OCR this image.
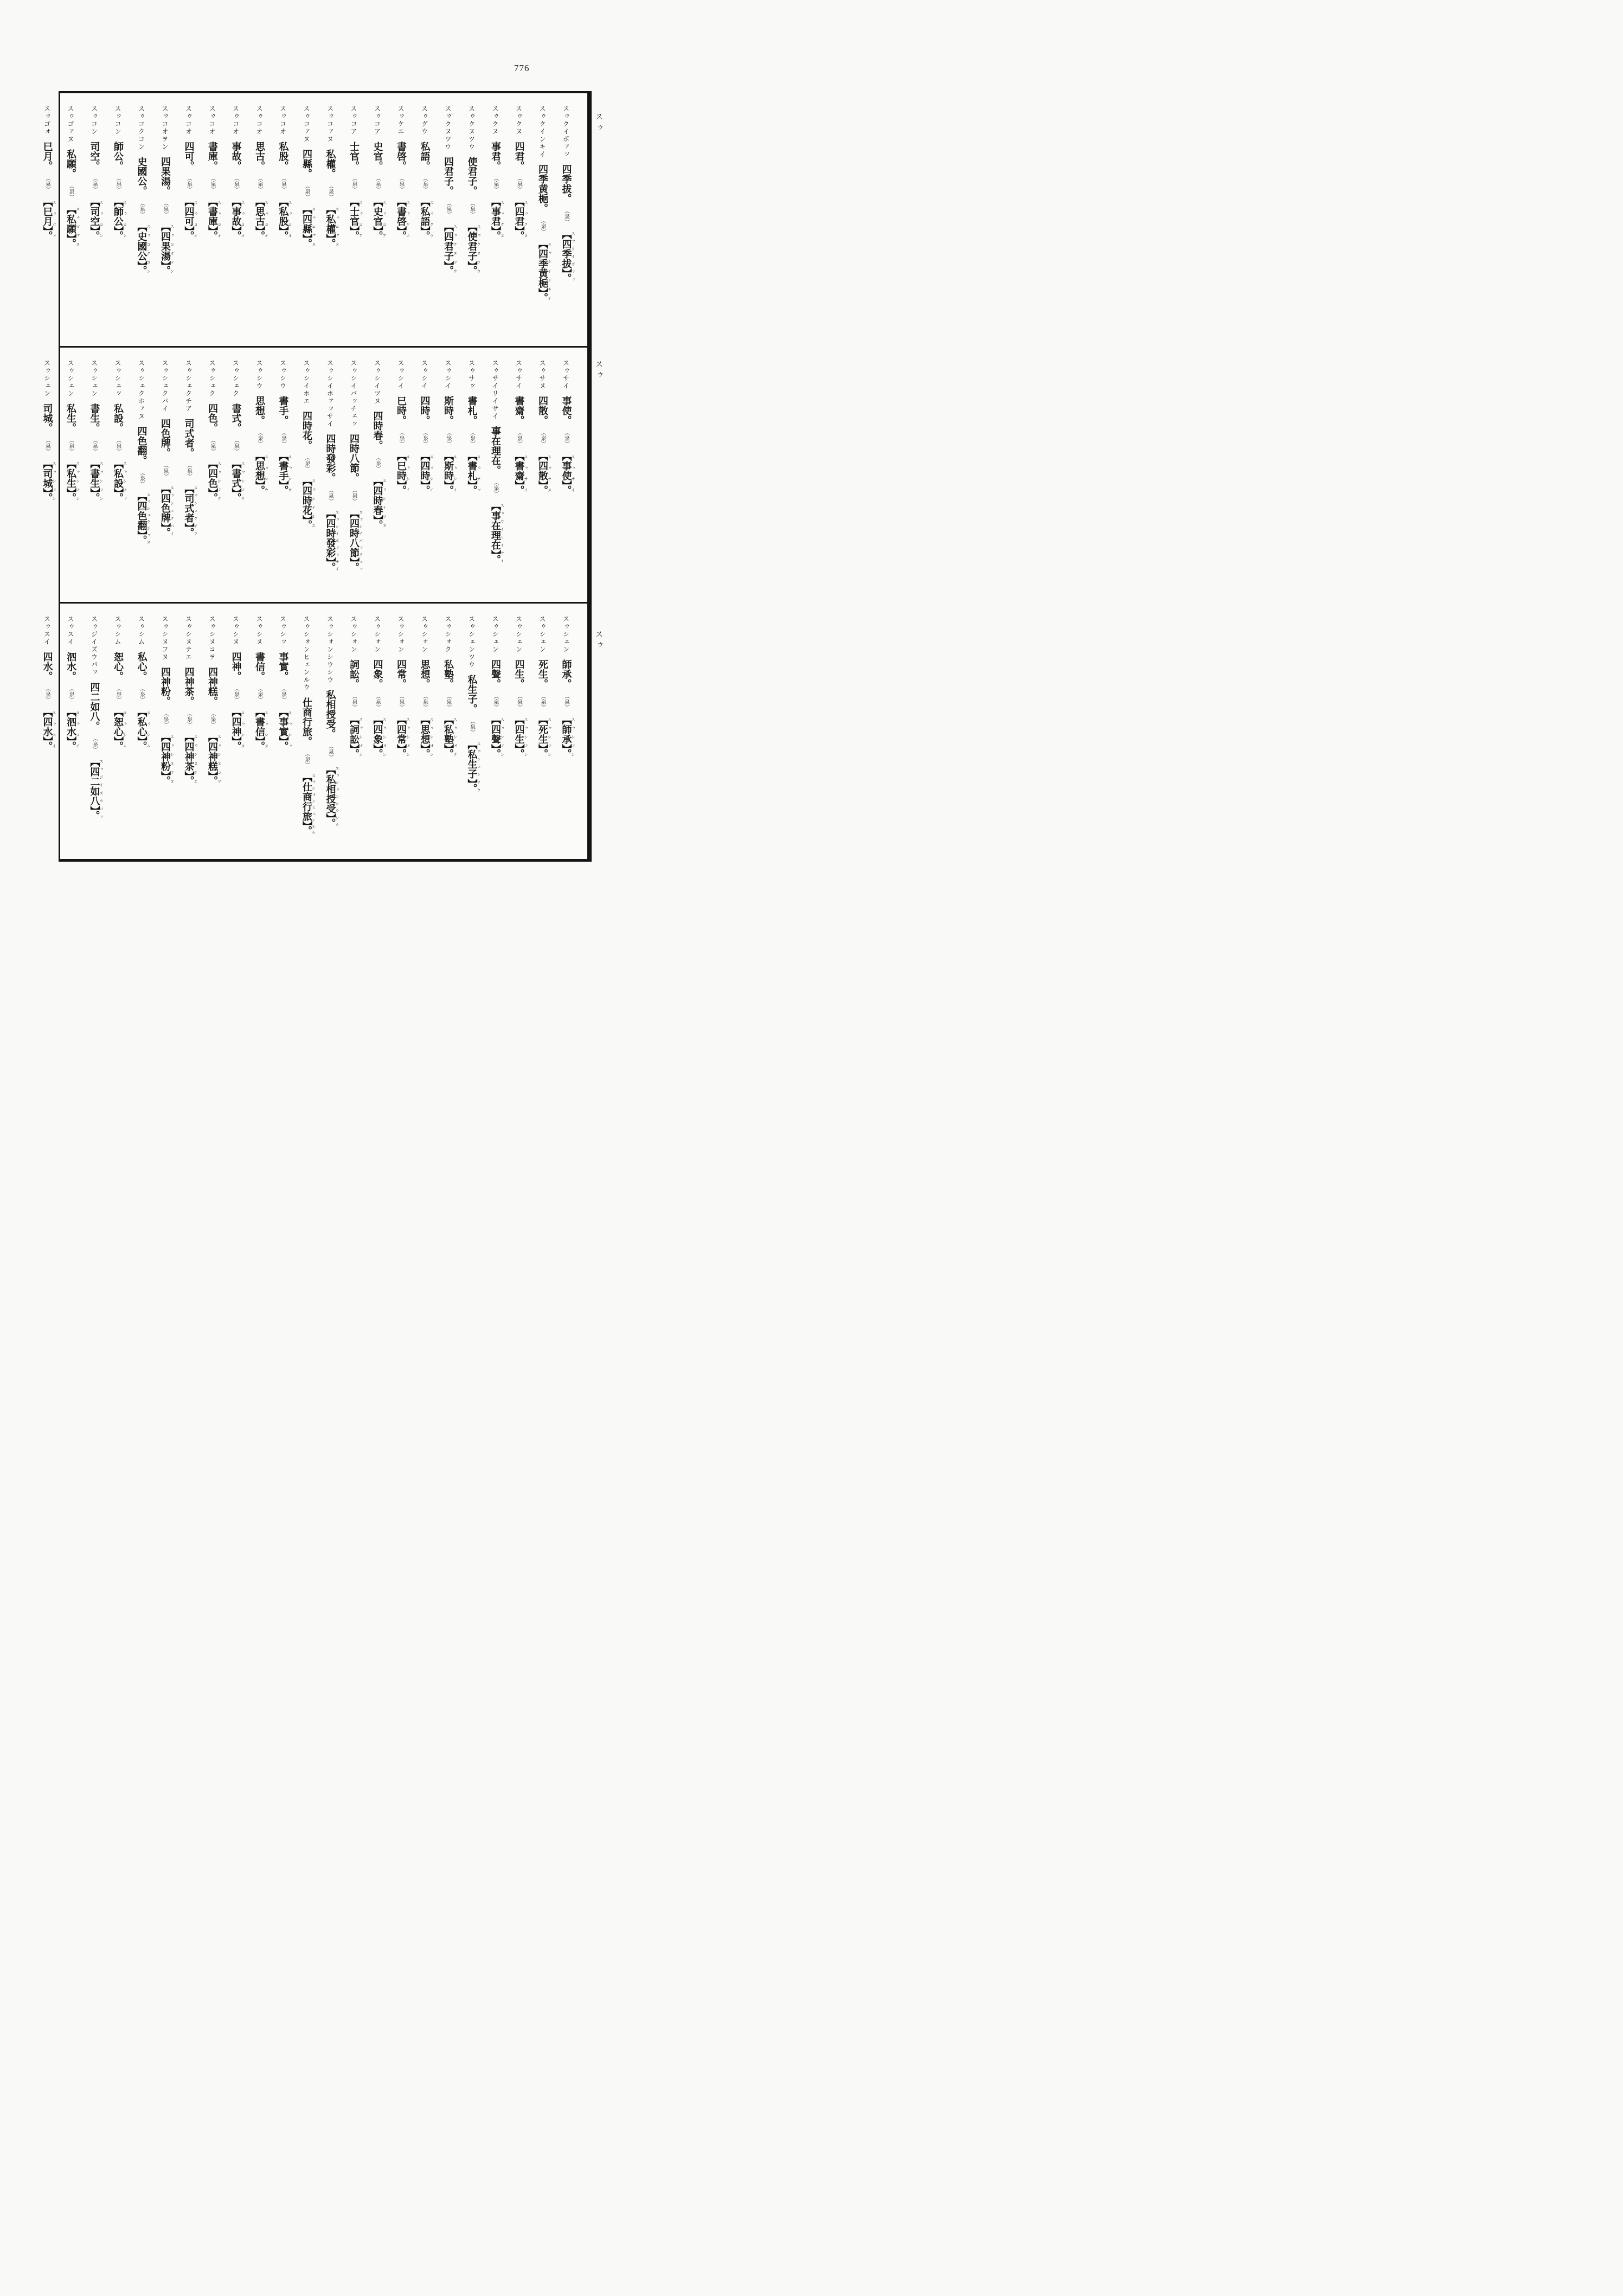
776
スゥ
スゥ
スゥ
スゥクイポァッ 四季拔。 （泉） 【四季拔】。スゥクイポァッ
スゥクインキイ 四季黄梔。 （泉） 【四季黄梔】。スゥクインキイ
スゥクヌ 四君。 （泉） 【四君】。スゥクヌ
スゥクヌ 事君。 （泉） 【事君】。スゥクヌ
スゥクヌツウ 使君子。 （泉） 【使君子】。スゥクヌツウ
スゥクヌツウ 四君子。 （泉） 【四君子】。スゥクヌツウ
スゥグウ 私語。 （泉） 【私語】。スゥグウ
スゥケエ 書啓。 （泉） 【書啓】。スゥケエ
スゥコア 史官。 （泉） 【史官】。スゥコア
スゥコア 士官。 （泉） 【士官】。スゥコア
スゥコァヌ 私權。 （泉） 【私權】。スゥコァヌ
スゥコァヌ 四縣。 （泉） 【四縣】。スゥコァヌ
スゥコオ 私股。 （泉） 【私股】。スゥコオ
スゥコオ 思古。 （泉） 【思古】。スゥコオ
スゥコオ 事故。 （泉） 【事故】。スゥコオ
スゥコオ 書庫。 （泉） 【書庫】。スゥコオ
スゥコオ 四可。 （泉） 【四可】。スゥコオ
スゥコオヲン 四果湯。 （泉） 【四果湯】。スゥコオヲン
スゥコクコン 史國公。 （泉） 【史國公】。スゥコクコン
スゥコン 師公。 （泉） 【師公】。スゥコン
スゥコン 司空。 （泉） 【司空】。スゥコン
スゥゴァヌ 私願。 （泉） 【私願】。スゥゴァヌ
スゥゴォ 巳月。 （泉） 【巳月】。スゥゴォ
スゥサイ 事使。 （泉） 【事使】。スゥサイ
スゥサヌ 四散。 （泉） 【四散】。スゥサヌ
スゥサイ 書齋。 （泉） 【書齋】。スゥサイ
スゥサイリイサイ 事在理在。 （泉） 【事在理在】。スゥサイリイサイ
スゥサッ 書札。 （泉） 【書札】。スゥサッ
スゥシイ 斯時。 （泉） 【斯時】。スゥシイ
スゥシイ 四時。 （泉） 【四時】。スゥシイ
スゥシイ 巳時。 （泉） 【巳時】。スゥシイ
スゥシイツヌ 四時春。 （泉） 【四時春】。スゥシイツヌ
スゥシイパッチェッ 四時八節。 （泉） 【四時八節】。スゥシイパッチェッ
スゥシイホァッサイ 四時發彩。 （泉） 【四時發彩】。スゥシイホァッサイ
スゥシイホエ 四時花。 （泉） 【四時花】。スゥシイホエ
スゥシウ 書手。 （泉） 【書手】。スゥシウ
スゥシウ 思想。 （泉） 【思想】。スゥシウ
スゥシェク 書式。 （泉） 【書式】。スゥシェク
スゥシェク 四色。 （泉） 【四色】。スゥシェク
スゥシェクチア 司式者。 （泉） 【司式者】。スゥシェクチア
スゥシェクパイ 四色牌。 （泉） 【四色牌】。スゥシェクパイ
スゥシェクホァヌ 四色翻。 （泉） 【四色翻】。スゥシェクホァヌ
スゥシェッ 私設。 （泉） 【私設】。スゥシェッ
スゥシェン 書生。 （泉） 【書生】。スゥシェン
スゥシェン 私生。 （泉） 【私生】。スゥシェン
スゥシェン 司城。 （泉） 【司城】。スゥシェン
スゥシェン 師承。 （泉） 【師承】。スゥシェン
スゥシェン 死生。 （泉） 【死生】。スゥシェン
スゥシェン 四生。 （泉） 【四生】。スゥシェン
スゥシェン 四聲。 （泉） 【四聲】。スゥシェン
スゥシェンツウ 私生子。 （泉） 【私生子】。スゥシェンツウ
スゥシォク 私塾。 （泉） 【私塾】。スゥシォク
スゥシォン 思想。 （泉） 【思想】。スゥシォン
スゥシォン 四常。 （泉） 【四常】。スゥシォン
スゥシォン 四象。 （泉） 【四象】。スゥシォン
スゥシォン 詞訟。 （泉） 【詞訟】。スゥシォン
スゥシォンシウシウ 私相授受。 （泉） 【私相授受】。スゥシォンシウシウ
スゥシォンヒェンルウ 仕商行旅。 （泉） 【仕商行旅】。スゥシォンヒェンルウ
スゥシッ 事實。 （泉） 【事實】。スゥシッ
スゥシヌ 書信。 （泉） 【書信】。スゥシヌ
スゥシヌ 四神。 （泉） 【四神】。スゥシヌ
スゥシヌコヲ 四神糕。 （泉） 【四神糕】。スゥシヌコヲ
スゥシヌテエ 四神茶。 （泉） 【四神茶】。スゥシヌテエ
スゥシヌフヌ 四神粉。 （泉） 【四神粉】。スゥシヌフヌ
スゥシム 私心。 （泉） 【私心】。スゥシム
スゥシム 恕心。 （泉） 【恕心】。スゥシム
スゥジイズウパッ 四二如八。 （泉） 【四二如八】。スゥジイズウパッ
スゥスイ 泗水。 （泉） 【泗水】。スゥスイ
スゥスイ 四水。 （泉） 【四水】。スゥスイ
